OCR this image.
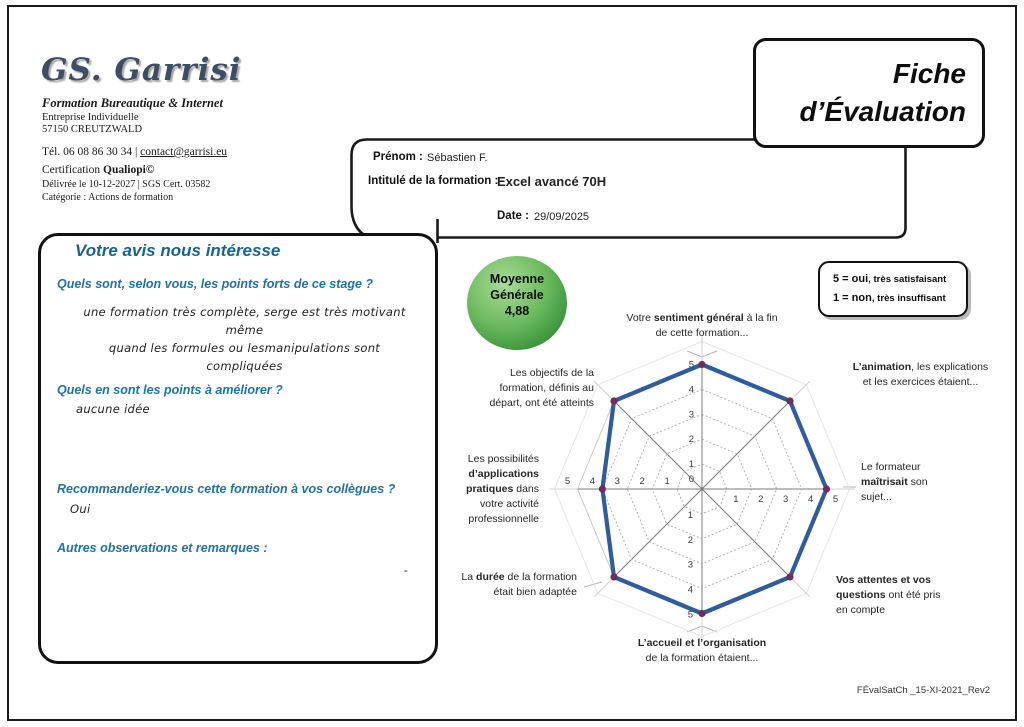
GS. Garrisi
Formation Bureautique & Internet
Entreprise Individuelle
57150 CREUTZWALD
Tél. 06 08 86 30 34 | contact@garrisi.eu
Certification Qualiopi©
Délivrée le 10-12-2027 | SGS Cert. 03582
Catégorie : Actions de formation
Fiche
d’Évaluation
Prénom : Sébastien F.
Intitulé de la formation :
Excel avancé 70H
Date : 29/09/2025
Votre avis nous intéresse
Quels sont, selon vous, les points forts de ce stage ?
une formation très complète, serge est très motivant même
quand les formules ou lesmanipulations sont compliquées
Quels en sont les points à améliorer ?
aucune idée
Recommanderiez-vous cette formation à vos collègues ?
Oui
Autres observations et remarques :
-
Moyenne
Générale
4,88
5 = oui, très satisfaisant
1 = non, très insuffisant
0
1
1
1
1
2
2
2
2
3
3
3
3
4
4
4
4
5
5
5
5
Votre sentiment général à la fin
de cette formation...
L’animation, les explications
et les exercices étaient...
Le formateur
maîtrisait son
sujet...
Vos attentes et vos
questions ont été pris
en compte
L’accueil et l’organisation
de la formation étaient...
La durée de la formation
était bien adaptée
Les possibilités
d’applications
pratiques dans
votre activité
professionnelle
Les objectifs de la
formation, définis au
départ, ont été atteints
FÉvalSatCh _15-XI-2021_Rev2
